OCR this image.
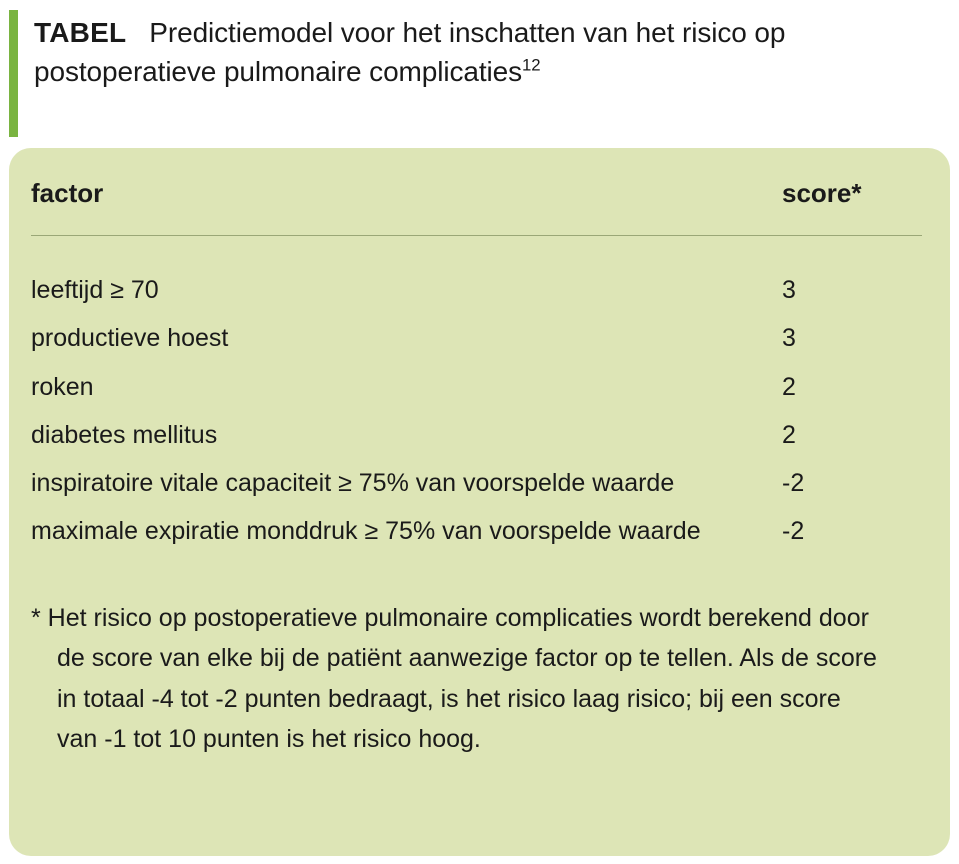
TABEL Predictiemodel voor het inschatten van het risico op postoperatieve pulmonaire complicaties$^{12}$
factor	score*

leeftijd ≥ 70	3
productieve hoest	3
roken	2
diabetes mellitus	2
inspiratoire vitale capaciteit ≥ 75% van voorspelde waarde	-2
maximale expiratie monddruk ≥ 75% van voorspelde waarde	-2
* Het risico op postoperatieve pulmonaire complicaties wordt berekend door
de score van elke bij de patiënt aanwezige factor op te tellen. Als de score
in totaal -4 tot -2 punten bedraagt, is het risico laag risico; bij een score
van -1 tot 10 punten is het risico hoog.
